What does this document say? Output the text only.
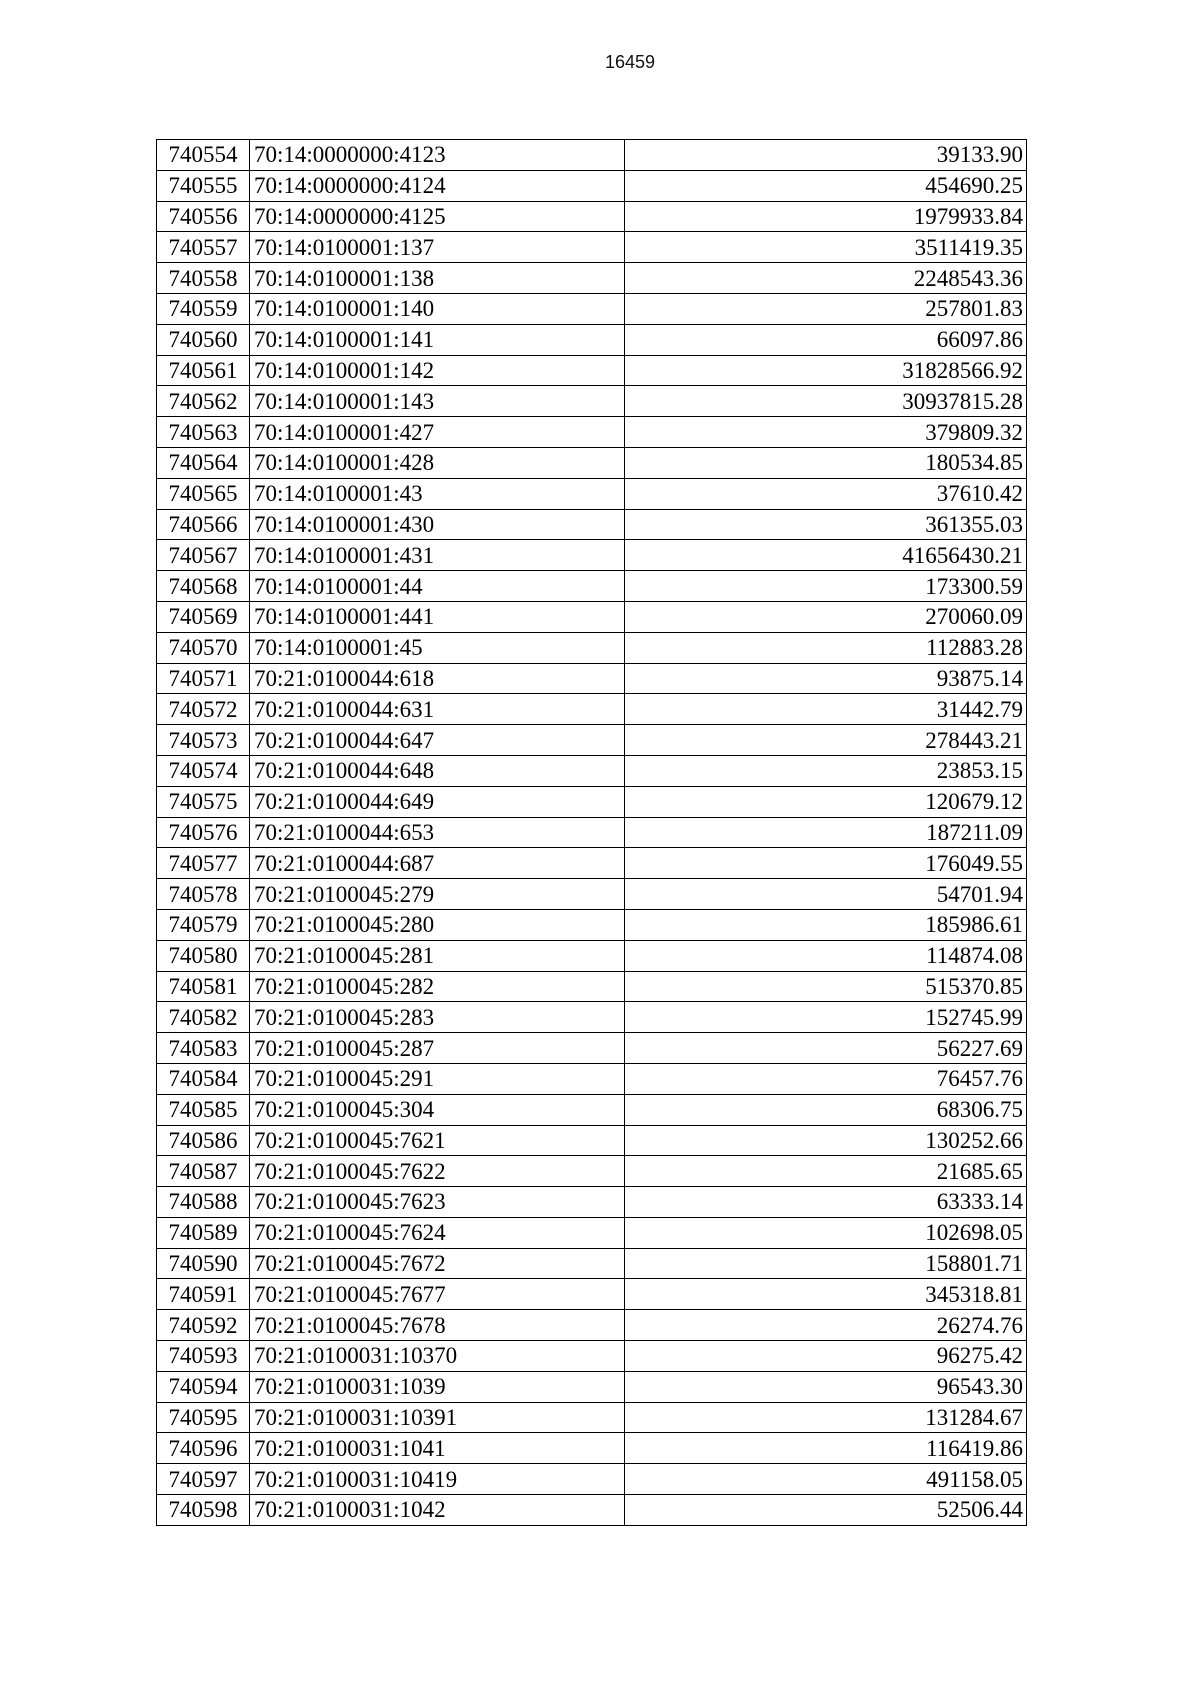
16459
740554	70:14:0000000:4123	39133.90
740555	70:14:0000000:4124	454690.25
740556	70:14:0000000:4125	1979933.84
740557	70:14:0100001:137	3511419.35
740558	70:14:0100001:138	2248543.36
740559	70:14:0100001:140	257801.83
740560	70:14:0100001:141	66097.86
740561	70:14:0100001:142	31828566.92
740562	70:14:0100001:143	30937815.28
740563	70:14:0100001:427	379809.32
740564	70:14:0100001:428	180534.85
740565	70:14:0100001:43	37610.42
740566	70:14:0100001:430	361355.03
740567	70:14:0100001:431	41656430.21
740568	70:14:0100001:44	173300.59
740569	70:14:0100001:441	270060.09
740570	70:14:0100001:45	112883.28
740571	70:21:0100044:618	93875.14
740572	70:21:0100044:631	31442.79
740573	70:21:0100044:647	278443.21
740574	70:21:0100044:648	23853.15
740575	70:21:0100044:649	120679.12
740576	70:21:0100044:653	187211.09
740577	70:21:0100044:687	176049.55
740578	70:21:0100045:279	54701.94
740579	70:21:0100045:280	185986.61
740580	70:21:0100045:281	114874.08
740581	70:21:0100045:282	515370.85
740582	70:21:0100045:283	152745.99
740583	70:21:0100045:287	56227.69
740584	70:21:0100045:291	76457.76
740585	70:21:0100045:304	68306.75
740586	70:21:0100045:7621	130252.66
740587	70:21:0100045:7622	21685.65
740588	70:21:0100045:7623	63333.14
740589	70:21:0100045:7624	102698.05
740590	70:21:0100045:7672	158801.71
740591	70:21:0100045:7677	345318.81
740592	70:21:0100045:7678	26274.76
740593	70:21:0100031:10370	96275.42
740594	70:21:0100031:1039	96543.30
740595	70:21:0100031:10391	131284.67
740596	70:21:0100031:1041	116419.86
740597	70:21:0100031:10419	491158.05
740598	70:21:0100031:1042	52506.44
